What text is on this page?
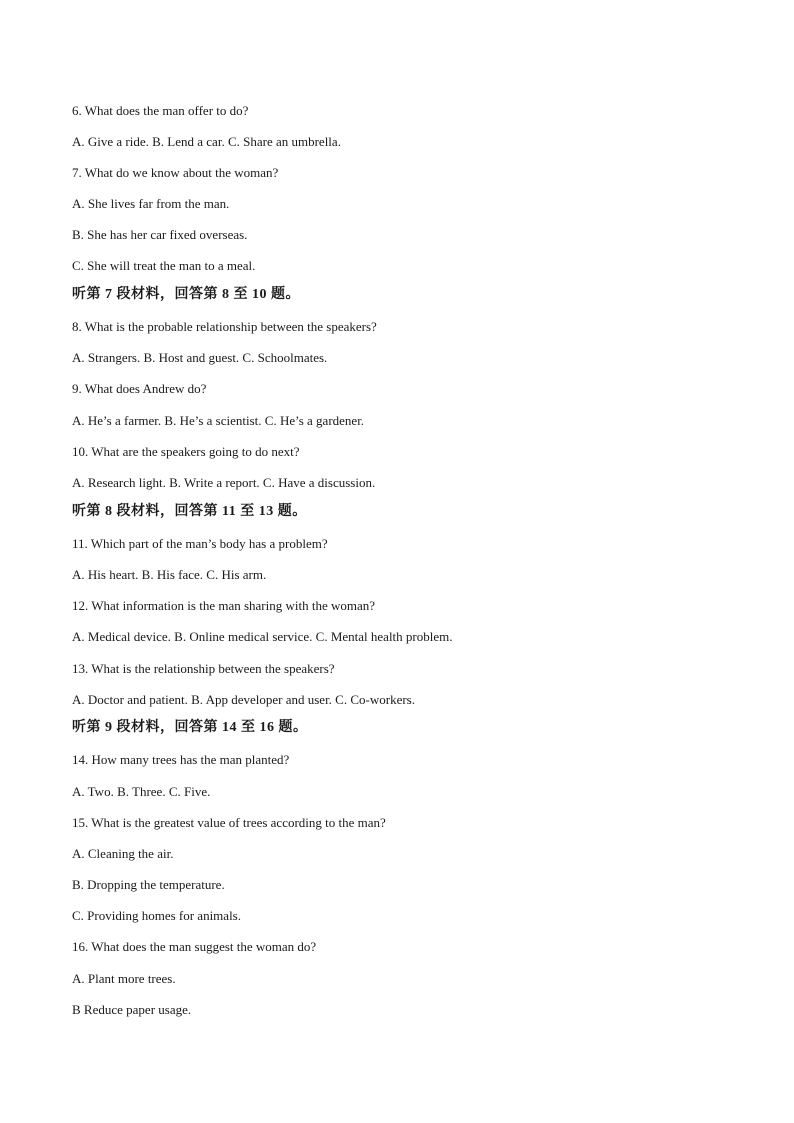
6. What does the man offer to do?

A. Give a ride. B. Lend a car. C. Share an umbrella.

7. What do we know about the woman?

A. She lives far from the man.

B. She has her car fixed overseas.

C. She will treat the man to a meal.

听第 7 段材料，回答第 8 至 10 题。

8. What is the probable relationship between the speakers?

A. Strangers. B. Host and guest. C. Schoolmates.

9. What does Andrew do?

A. He’s a farmer. B. He’s a scientist. C. He’s a gardener.

10. What are the speakers going to do next?

A. Research light. B. Write a report. C. Have a discussion.

听第 8 段材料，回答第 11 至 13 题。

11. Which part of the man’s body has a problem?

A. His heart. B. His face. C. His arm.

12. What information is the man sharing with the woman?

A. Medical device. B. Online medical service. C. Mental health problem.

13. What is the relationship between the speakers?

A. Doctor and patient. B. App developer and user. C. Co-workers.

听第 9 段材料，回答第 14 至 16 题。

14. How many trees has the man planted?

A. Two. B. Three. C. Five.

15. What is the greatest value of trees according to the man?

A. Cleaning the air.

B. Dropping the temperature.

C. Providing homes for animals.

16. What does the man suggest the woman do?

A. Plant more trees.

B Reduce paper usage.
